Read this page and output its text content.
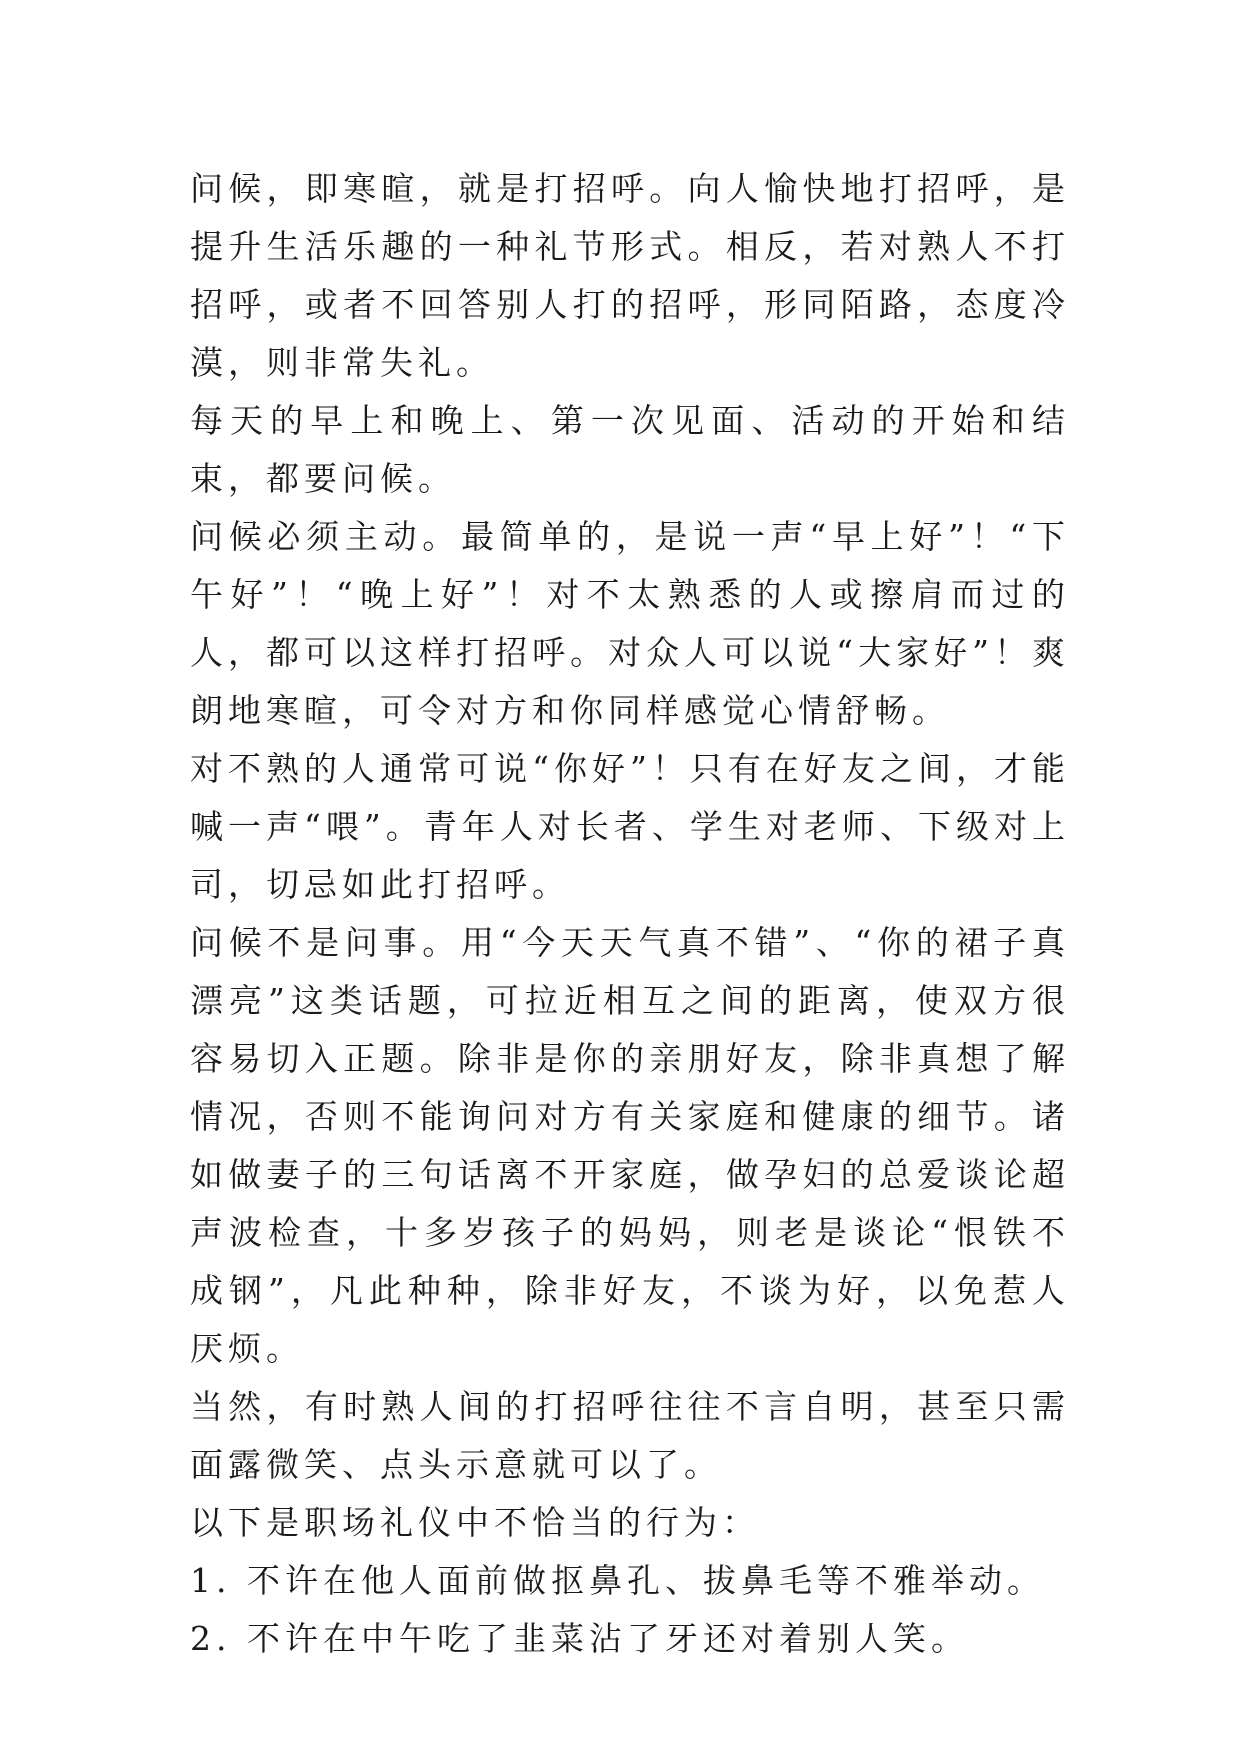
问候，即寒暄，就是打招呼。向人愉快地打招呼，是提升生活乐趣的一种礼节形式。相反，若对熟人不打招呼，或者不回答别人打的招呼，形同陌路，态度冷漠，则非常失礼。

每天的早上和晚上、第一次见面、活动的开始和结束，都要问候。

问候必须主动。最简单的，是说一声“早上好”！“下午好”！“晚上好”！对不太熟悉的人或擦肩而过的人，都可以这样打招呼。对众人可以说“大家好”！爽朗地寒暄，可令对方和你同样感觉心情舒畅。

对不熟的人通常可说“你好”！只有在好友之间，才能喊一声“喂”。青年人对长者、学生对老师、下级对上司，切忌如此打招呼。

问候不是问事。用“今天天气真不错”、“你的裙子真漂亮”这类话题，可拉近相互之间的距离，使双方很容易切入正题。除非是你的亲朋好友，除非真想了解情况，否则不能询问对方有关家庭和健康的细节。诸如做妻子的三句话离不开家庭，做孕妇的总爱谈论超声波检查，十多岁孩子的妈妈，则老是谈论“恨铁不成钢”，凡此种种，除非好友，不谈为好，以免惹人厌烦。

当然，有时熟人间的打招呼往往不言自明，甚至只需面露微笑、点头示意就可以了。

以下是职场礼仪中不恰当的行为：

1. 不许在他人面前做抠鼻孔、拔鼻毛等不雅举动。

2. 不许在中午吃了韭菜沾了牙还对着别人笑。
